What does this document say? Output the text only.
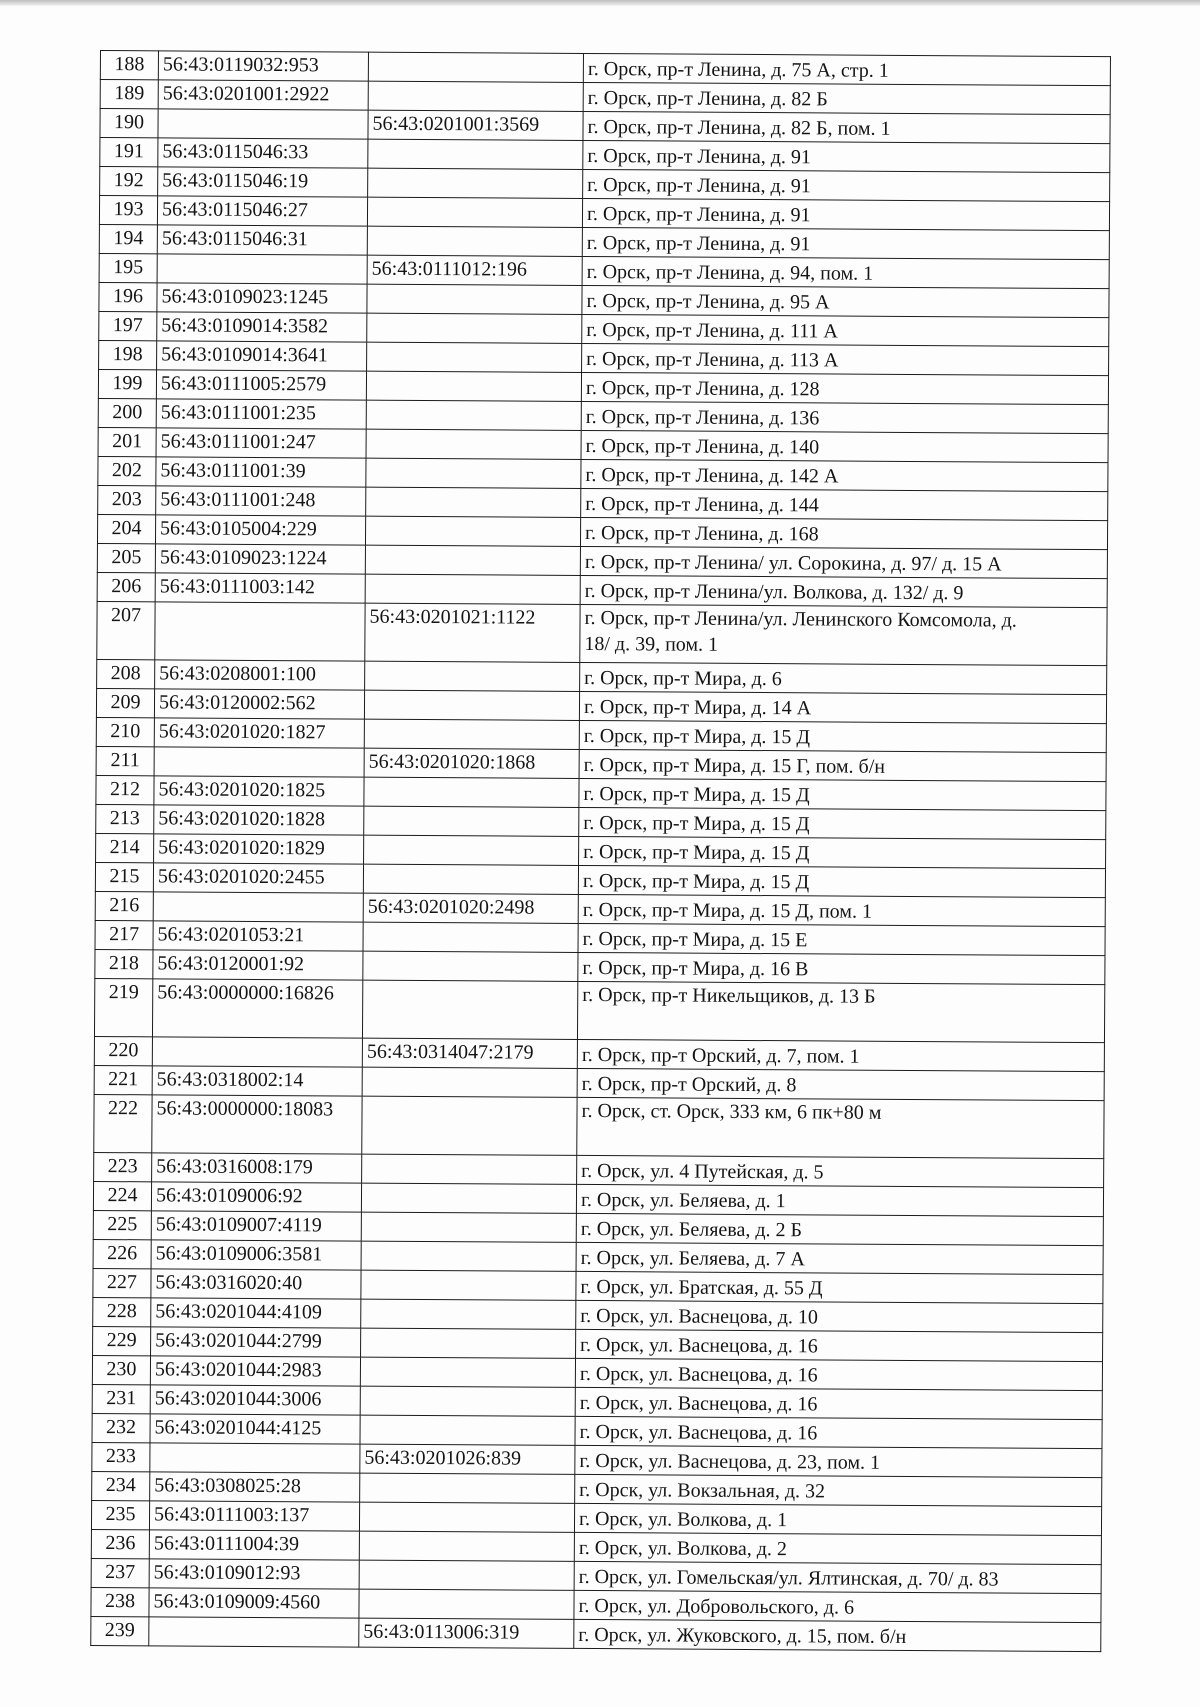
188	56:43:0119032:953		г. Орск, пр-т Ленина, д. 75 А, стр. 1
189	56:43:0201001:2922		г. Орск, пр-т Ленина, д. 82 Б
190		56:43:0201001:3569	г. Орск, пр-т Ленина, д. 82 Б, пом. 1
191	56:43:0115046:33		г. Орск, пр-т Ленина, д. 91
192	56:43:0115046:19		г. Орск, пр-т Ленина, д. 91
193	56:43:0115046:27		г. Орск, пр-т Ленина, д. 91
194	56:43:0115046:31		г. Орск, пр-т Ленина, д. 91
195		56:43:0111012:196	г. Орск, пр-т Ленина, д. 94, пом. 1
196	56:43:0109023:1245		г. Орск, пр-т Ленина, д. 95 А
197	56:43:0109014:3582		г. Орск, пр-т Ленина, д. 111 А
198	56:43:0109014:3641		г. Орск, пр-т Ленина, д. 113 А
199	56:43:0111005:2579		г. Орск, пр-т Ленина, д. 128
200	56:43:0111001:235		г. Орск, пр-т Ленина, д. 136
201	56:43:0111001:247		г. Орск, пр-т Ленина, д. 140
202	56:43:0111001:39		г. Орск, пр-т Ленина, д. 142 А
203	56:43:0111001:248		г. Орск, пр-т Ленина, д. 144
204	56:43:0105004:229		г. Орск, пр-т Ленина, д. 168
205	56:43:0109023:1224		г. Орск, пр-т Ленина/ ул. Сорокина, д. 97/ д. 15 А
206	56:43:0111003:142		г. Орск, пр-т Ленина/ул. Волкова, д. 132/ д. 9
207		56:43:0201021:1122	г. Орск, пр-т Ленина/ул. Ленинского Комсомола, д.
18/ д. 39, пом. 1

208	56:43:0208001:100		г. Орск, пр-т Мира, д. 6
209	56:43:0120002:562		г. Орск, пр-т Мира, д. 14 А
210	56:43:0201020:1827		г. Орск, пр-т Мира, д. 15 Д
211		56:43:0201020:1868	г. Орск, пр-т Мира, д. 15 Г, пом. б/н
212	56:43:0201020:1825		г. Орск, пр-т Мира, д. 15 Д
213	56:43:0201020:1828		г. Орск, пр-т Мира, д. 15 Д
214	56:43:0201020:1829		г. Орск, пр-т Мира, д. 15 Д
215	56:43:0201020:2455		г. Орск, пр-т Мира, д. 15 Д
216		56:43:0201020:2498	г. Орск, пр-т Мира, д. 15 Д, пом. 1
217	56:43:0201053:21		г. Орск, пр-т Мира, д. 15 Е
218	56:43:0120001:92		г. Орск, пр-т Мира, д. 16 В
219	56:43:0000000:16826		г. Орск, пр-т Никельщиков, д. 13 Б
220		56:43:0314047:2179	г. Орск, пр-т Орский, д. 7, пом. 1
221	56:43:0318002:14		г. Орск, пр-т Орский, д. 8
222	56:43:0000000:18083		г. Орск, ст. Орск, 333 км, 6 пк+80 м
223	56:43:0316008:179		г. Орск, ул. 4 Путейская, д. 5
224	56:43:0109006:92		г. Орск, ул. Беляева, д. 1
225	56:43:0109007:4119		г. Орск, ул. Беляева, д. 2 Б
226	56:43:0109006:3581		г. Орск, ул. Беляева, д. 7 А
227	56:43:0316020:40		г. Орск, ул. Братская, д. 55 Д
228	56:43:0201044:4109		г. Орск, ул. Васнецова, д. 10
229	56:43:0201044:2799		г. Орск, ул. Васнецова, д. 16
230	56:43:0201044:2983		г. Орск, ул. Васнецова, д. 16
231	56:43:0201044:3006		г. Орск, ул. Васнецова, д. 16
232	56:43:0201044:4125		г. Орск, ул. Васнецова, д. 16
233		56:43:0201026:839	г. Орск, ул. Васнецова, д. 23, пом. 1
234	56:43:0308025:28		г. Орск, ул. Вокзальная, д. 32
235	56:43:0111003:137		г. Орск, ул. Волкова, д. 1
236	56:43:0111004:39		г. Орск, ул. Волкова, д. 2
237	56:43:0109012:93		г. Орск, ул. Гомельская/ул. Ялтинская, д. 70/ д. 83
238	56:43:0109009:4560		г. Орск, ул. Добровольского, д. 6
239		56:43:0113006:319	г. Орск, ул. Жуковского, д. 15, пом. б/н
